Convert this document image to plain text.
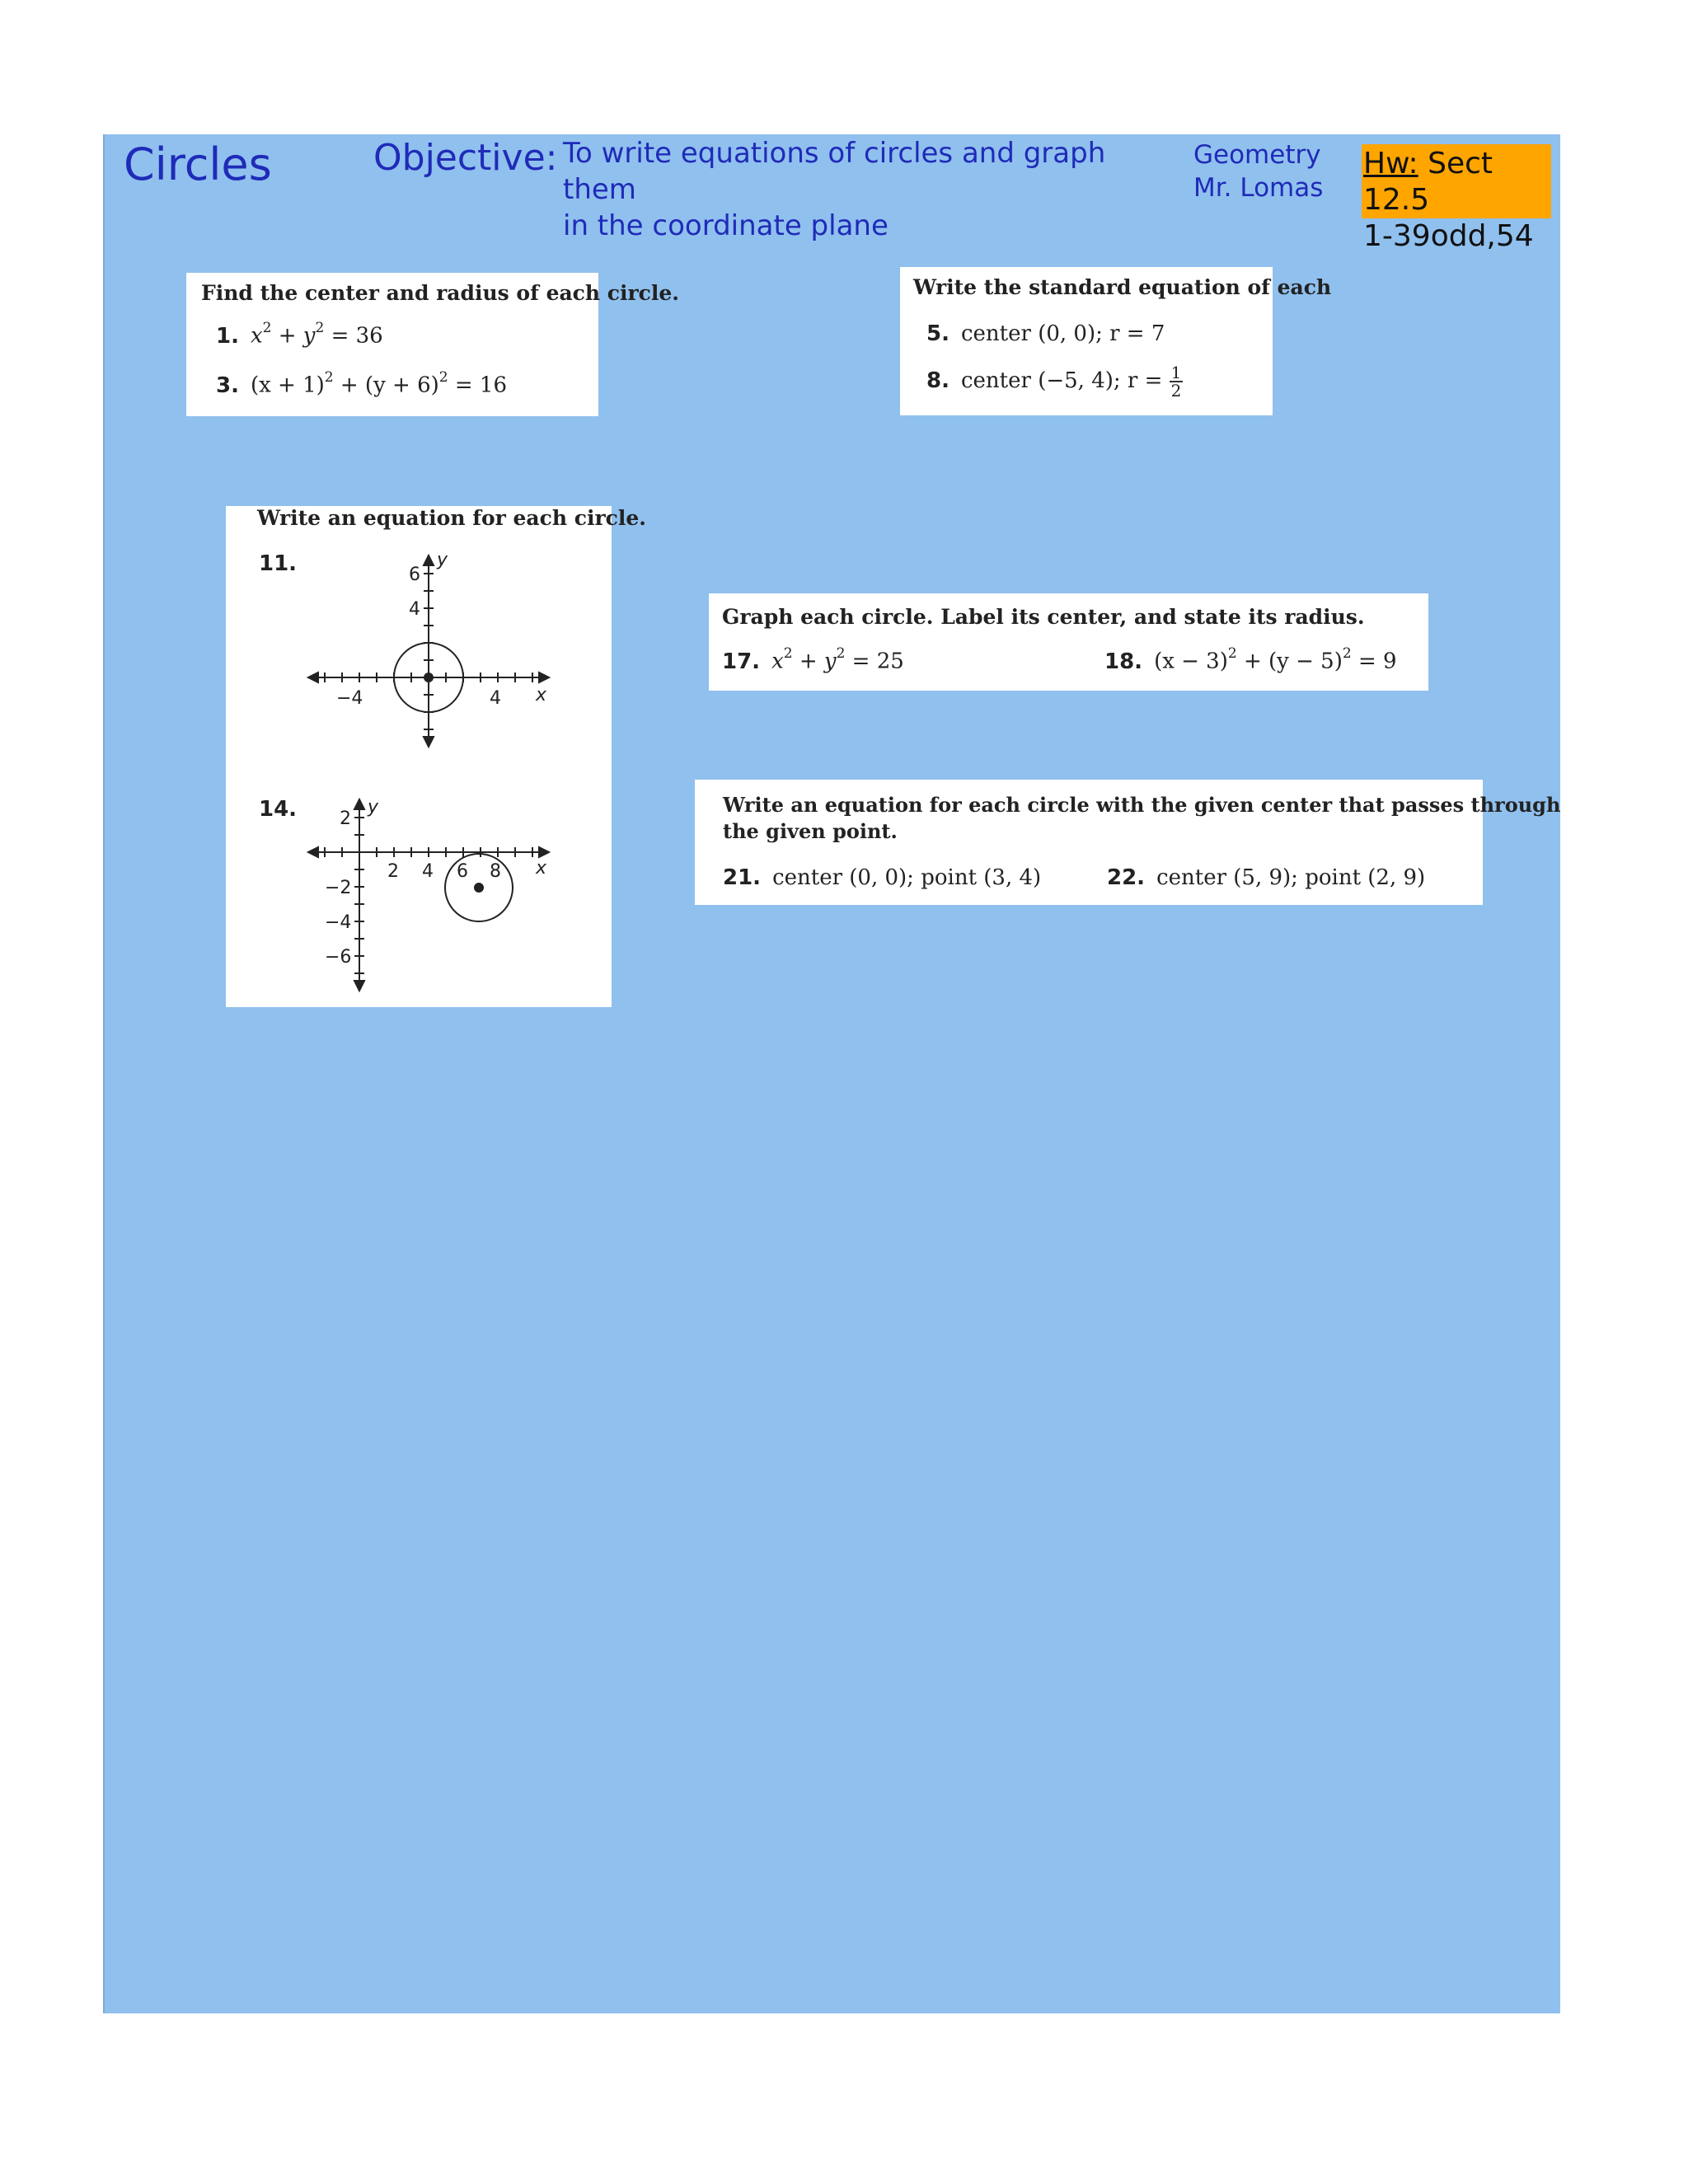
Circles	Objective: To write equations of circles and graph them
in the coordinate plane
Geometry
Mr. Lomas
Hw: Sect 12.5
1-39odd,54
Find the center and radius of each circle.
1. $x^2 + y^2 = 36$
3. $(x + 1)^2 + (y + 6)^2 = 16$
Write the standard equation of each
5. center (0, 0); r = 7
8. center (−5, 4); $r = \frac{1}{2}$
Write an equation for each circle.
11.	y
x
6
4
−4	4
14.	y
x
2
2 4 6 8
−2
−4
−6
Graph each circle. Label its center, and state its radius.
17. $x^2 + y^2 = 25$	18. $(x - 3)^2 + (y - 5)^2 = 9$
Write an equation for each circle with the given center that passes through
the given point.
21. center (0, 0); point (3, 4)	22. center (5, 9); point (2, 9)
